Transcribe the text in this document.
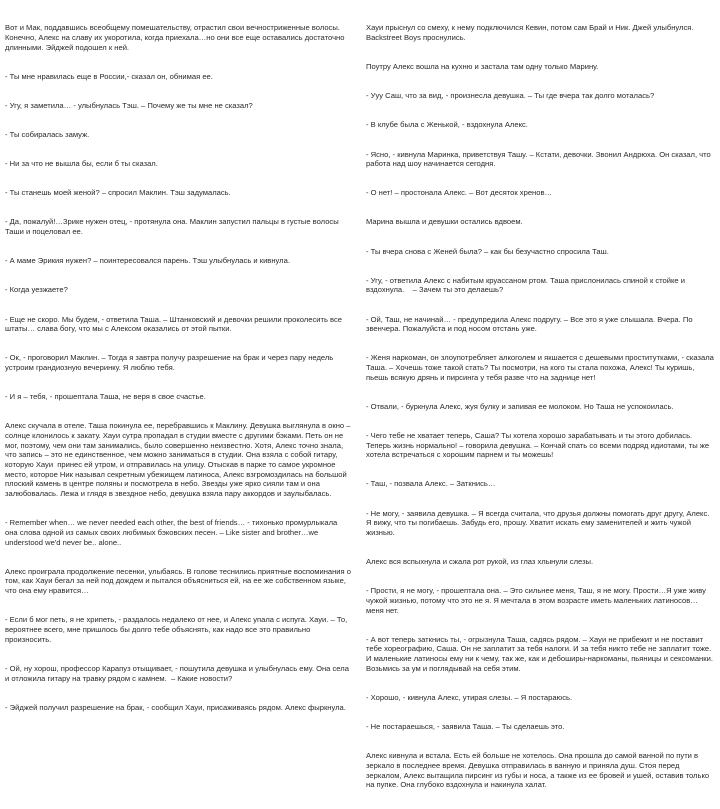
Вот и Мак, поддавшись всеобщему помешательству, отрастил свои вечностриженные волосы. Конечно, Алекс на славу их укоротила, когда приехала…но они все еще оставались достаточно длинными. Эйджей подошел к ней.

- Ты мне нравилась еще в России,- сказал он, обнимая ее.

- Угу, я заметила… - улыбнулась Тэш. – Почему же ты мне не сказал?

- Ты собиралась замуж.

- Ни за что не вышла бы, если б ты сказал.

- Ты станешь моей женой? – спросил Маклин. Тэш задумалась.

- Да, пожалуй!…Зрике нужен отец, - протянула она. Маклин запустил пальцы в густые волосы Таши и поцеловал ее.

- А маме Эрикия нужен? – поинтересовался парень. Тэш улыбнулась и кивнула.

- Когда уезжаете?

- Еще не скоро. Мы будем, - ответила Таша. – Штанковский и девочки решили проколесить все штаты… слава богу, что мы с Алексом оказались от этой пытки.

- Ок, - проговорил Маклин. – Тогда я завтра получу разрешение на брак и через пару недель устроим грандиозную вечеринку. Я люблю тебя.

- И я – тебя, - прошептала Таша, не веря в свое счастье.

Алекс скучала в отеле. Таша покинула ее, перебравшись к Маклину. Девушка выглянула в окно – солнце клонилось к закату. Хауи сутра пропадал в студии вместе с другими бэками. Петь он не мог, поэтому, чем они там занимались, было совершенно неизвестно. Хотя, Алекс точно знала, что запись – это не единственное, чем можно заниматься в студии. Она взяла с собой гитару, которую Хауи  принес ей утром, и отправилась на улицу. Отыскав в парке то самое укромное место, которое Ник называл секретным убежищем латиноса, Алекс взгромоздилась на большой плоский камень в центре поляны и посмотрела в небо. Звезды уже ярко сияли там и она залюбовалась. Лежа и глядя в звездное небо, девушка взяла пару аккордов и заулыбалась.

- Remember when… we never needed each other, the best of friends… - тихонько промурлыкала она слова одной из самых своих любимых бэковских песен. – Like sister and brother…we understood we'd never be.. alone..

Алекс проиграла продолжение песенки, улыбаясь. В голове теснились приятные воспоминания о том, как Хауи бегал за ней под дождем и пытался объясниться ей, на ее же собственном языке, что она ему нравится…

- Если б мог петь, я не хрипеть, - раздалось недалеко от нее, и Алекс упала с испуга. Хауи. – То, вероятнее всего, мне пришлось бы долго тебе объяснять, как надо все это правильно произносить.

- Ой, ну хорош, профессор Карапуз отыщивает, - пошутила девушка и улыбнулась ему. Она села и отложила гитару на травку рядом с камнем.  – Какие новости?

- Эйджей получил разрешение на брак, - сообщил Хауи, присаживаясь рядом. Алекс фыркнула.

Хауи прыснул со смеху, к нему подключился Кевин, потом сам Брай и Ник. Джей улыбнулся. Backstreet Boys проснулись.

Поутру Алекс вошла на кухню и застала там одну только Марину.

- Ууу Саш, что за вид, - произнесла девушка. – Ты где вчера так долго моталась?

- В клубе была с Женькой, - вздохнула Алекс.

- Ясно, - кивнула Маринка, приветствуя Ташу. – Кстати, девочки. Звонил Андрюха. Он сказал, что работа над шоу начинается сегодня.

- О нет! – простонала Алекс. – Вот десяток хренов…

Марина вышла и девушки остались вдвоем.

- Ты вчера снова с Женей была? – как бы безучастно спросила Таш.

- Угу, - ответила Алекс с набитым круассаном ртом. Таша прислонилась спиной к стойке и вздохнула.    – Зачем ты это делаешь?

- Ой, Таш, не начинай… - предупредила Алекс подругу. – Все это я уже слышала. Вчера. По звенчера. Пожалуйста и под носом отстань уже.

- Женя наркоман, он злоупотребляет алкоголем и якшается с дешевыми проститутками, - сказала Таша. – Хочешь тоже такой стать? Ты посмотри, на кого ты стала похожа, Алекс! Ты куришь, пьешь всякую дрянь и пирсинга у тебя разве что на заднице нет!

- Отвали, - буркнула Алекс, жуя булку и запивая ее молоком. Но Таша не успокоилась.

- Чего тебе не хватает теперь, Саша? Ты хотела хорошо зарабатывать и ты этого добилась. Теперь жизнь нормально! – говорила девушка. – Кончай спать со всеми подряд идиотами, ты же хотела встречаться с хорошим парнем и ты можешь!

- Таш, - позвала Алекс. – Заткнись…

- Не могу, - заявила девушка. – Я всегда считала, что друзья должны помогать друг другу, Алекс. Я вижу, что ты погибаешь. Забудь его, прошу. Хватит искать ему заменителей и жить чужой жизнью.

Алекс вся вспыхнула и сжала рот рукой, из глаз хлынули слезы.

- Прости, я не могу, - прошептала она. – Это сильнее меня, Таш, я не могу. Прости…Я уже живу чужой жизнью, потому что это не я. Я мечтала в этом возрасте иметь маленьких латиносов… меня нет.

- А вот теперь заткнись ты, - огрызнула Таша, садясь рядом. – Хауи не прибежит и не поставит тебе хореографию, Саша. Он не заплатит за тебя налоги. И за тебя никто тебе не заплатит тоже. И маленькие латиносы ему ни к чему, так же, как и дебоширы-наркоманы, пьяницы и сексоманки. Возьмись за ум и поглядывай на себя этим.

- Хорошо, - кивнула Алекс, утирая слезы. – Я постараюсь.

- Не постараешься, - заявила Таша. – Ты сделаешь это.

Алекс кивнула и встала. Есть ей больше не хотелось. Она прошла до самой ванной по пути в зеркало в последнее время. Девушка отправилась в ванную и приняла душ. Стоя перед зеркалом, Алекс вытащила пирсинг из губы и носа, а также из ее бровей и ушей, оставив только на пупке. Она глубоко вздохнула и накинула халат.
